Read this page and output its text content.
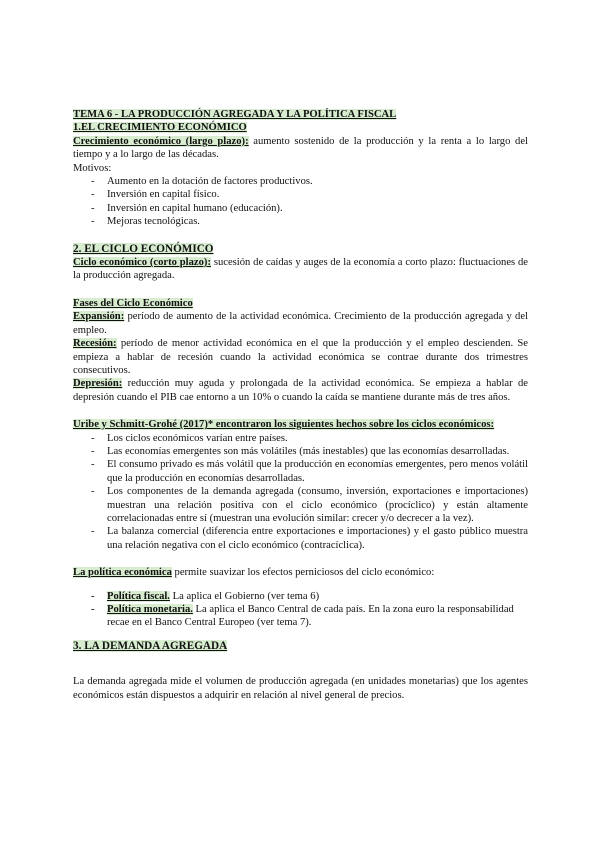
TEMA 6 - LA PRODUCCIÓN AGREGADA Y LA POLÍTICA FISCAL

1.EL CRECIMIENTO ECONÓMICO

Crecimiento económico (largo plazo): aumento sostenido de la producción y la renta a lo largo del tiempo y a lo largo de las décadas.

Motivos:

- Aumento en la dotación de factores productivos.
- Inversión en capital físico.
- Inversión en capital humano (educación).
- Mejoras tecnológicas.

2. EL CICLO ECONÓMICO

Ciclo económico (corto plazo): sucesión de caídas y auges de la economía a corto plazo: fluctuaciones de la producción agregada.

Fases del Ciclo Económico

Expansión: período de aumento de la actividad económica. Crecimiento de la producción agregada y del empleo.

Recesión: período de menor actividad económica en el que la producción y el empleo descienden. Se empieza a hablar de recesión cuando la actividad económica se contrae durante dos trimestres consecutivos.

Depresión: reducción muy aguda y prolongada de la actividad económica. Se empieza a hablar de depresión cuando el PIB cae entorno a un 10% o cuando la caída se mantiene durante más de tres años.

Uribe y Schmitt-Grohé (2017)* encontraron los siguientes hechos sobre los ciclos económicos:

- Los ciclos económicos varían entre países.
- Las economías emergentes son más volátiles (más inestables) que las economías desarrolladas.
- El consumo privado es más volátil que la producción en economías emergentes, pero menos volátil que la producción en economías desarrolladas.
- Los componentes de la demanda agregada (consumo, inversión, exportaciones e importaciones) muestran una relación positiva con el ciclo económico (procíclico) y están altamente correlacionadas entre sí (muestran una evolución similar: crecer y/o decrecer a la vez).
- La balanza comercial (diferencia entre exportaciones e importaciones) y el gasto público muestra una relación negativa con el ciclo económico (contracíclica).

La política económica permite suavizar los efectos perniciosos del ciclo económico:

- Política fiscal. La aplica el Gobierno (ver tema 6)
- Política monetaria. La aplica el Banco Central de cada país. En la zona euro la responsabilidad recae en el Banco Central Europeo (ver tema 7).

3. LA DEMANDA AGREGADA

La demanda agregada mide el volumen de producción agregada (en unidades monetarias) que los agentes económicos están dispuestos a adquirir en relación al nivel general de precios.
